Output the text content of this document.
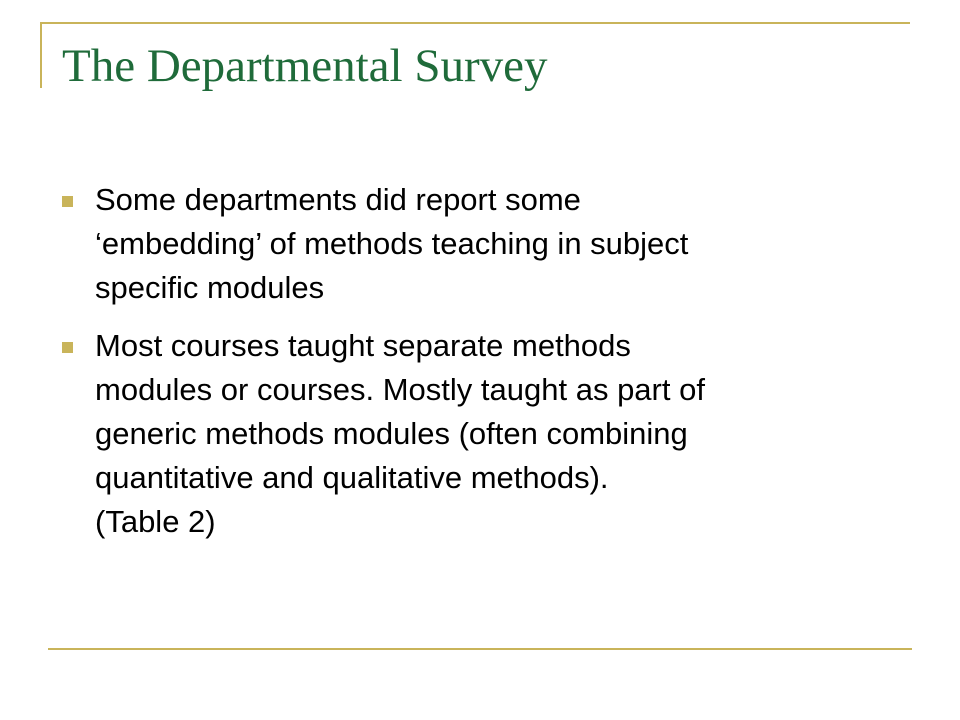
The Departmental Survey
Some departments did report some
‘embedding’ of methods teaching in subject
specific modules
Most courses taught separate methods
modules or courses. Mostly taught as part of
generic methods modules (often combining
quantitative and qualitative methods).
(Table 2)
